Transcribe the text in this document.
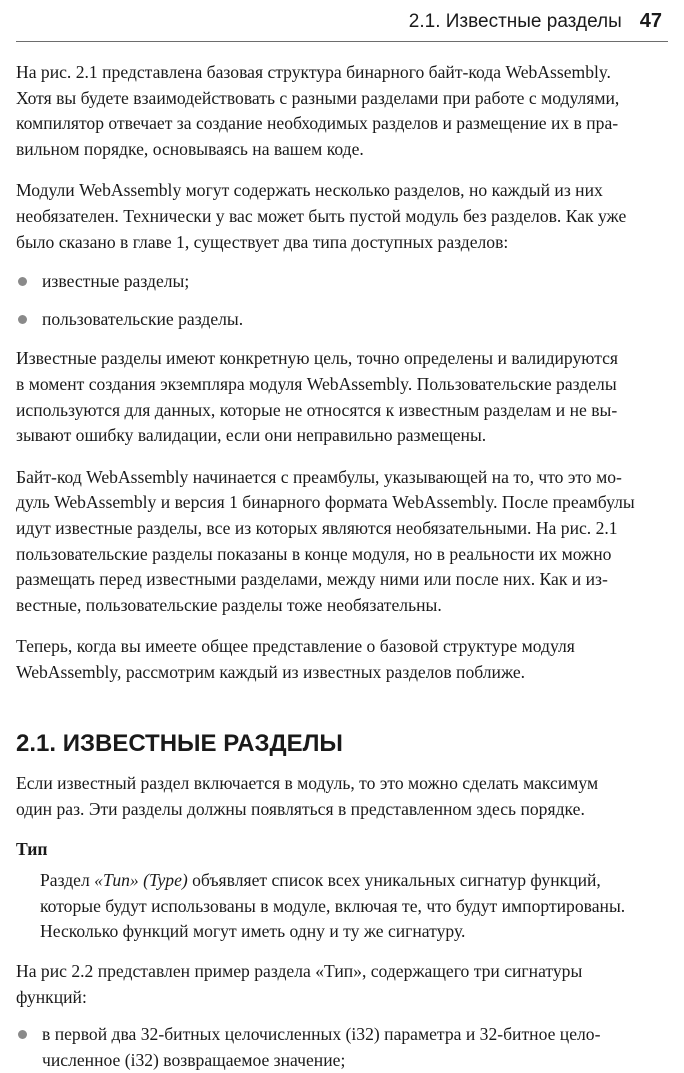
2.1. Известные разделы 47

На рис. 2.1 представлена базовая структура бинарного байт-кода WebAssembly.
Хотя вы будете взаимодействовать с разными разделами при работе с модулями,
компилятор отвечает за создание необходимых разделов и размещение их в пра-
вильном порядке, основываясь на вашем коде.

Модули WebAssembly могут содержать несколько разделов, но каждый из них
необязателен. Технически у вас может быть пустой модуль без разделов. Как уже
было сказано в главе 1, существует два типа доступных разделов:

известные разделы;

пользовательские разделы.

Известные разделы имеют конкретную цель, точно определены и валидируются
в момент создания экземпляра модуля WebAssembly. Пользовательские разделы
используются для данных, которые не относятся к известным разделам и не вы-
зывают ошибку валидации, если они неправильно размещены.

Байт-код WebAssembly начинается с преамбулы, указывающей на то, что это мо-
дуль WebAssembly и версия 1 бинарного формата WebAssembly. После преамбулы
идут известные разделы, все из которых являются необязательными. На рис. 2.1
пользовательские разделы показаны в конце модуля, но в реальности их можно
размещать перед известными разделами, между ними или после них. Как и из-
вестные, пользовательские разделы тоже необязательны.

Теперь, когда вы имеете общее представление о базовой структуре модуля
WebAssembly, рассмотрим каждый из известных разделов поближе.

2.1. ИЗВЕСТНЫЕ РАЗДЕЛЫ

Если известный раздел включается в модуль, то это можно сделать максимум
один раз. Эти разделы должны появляться в представленном здесь порядке.

Тип

Раздел «Тип» (Type) объявляет список всех уникальных сигнатур функций,
которые будут использованы в модуле, включая те, что будут импортированы.
Несколько функций могут иметь одну и ту же сигнатуру.

На рис 2.2 представлен пример раздела «Тип», содержащего три сигнатуры
функций:

в первой два 32-битных целочисленных (i32) параметра и 32-битное цело-
численное (i32) возвращаемое значение;
